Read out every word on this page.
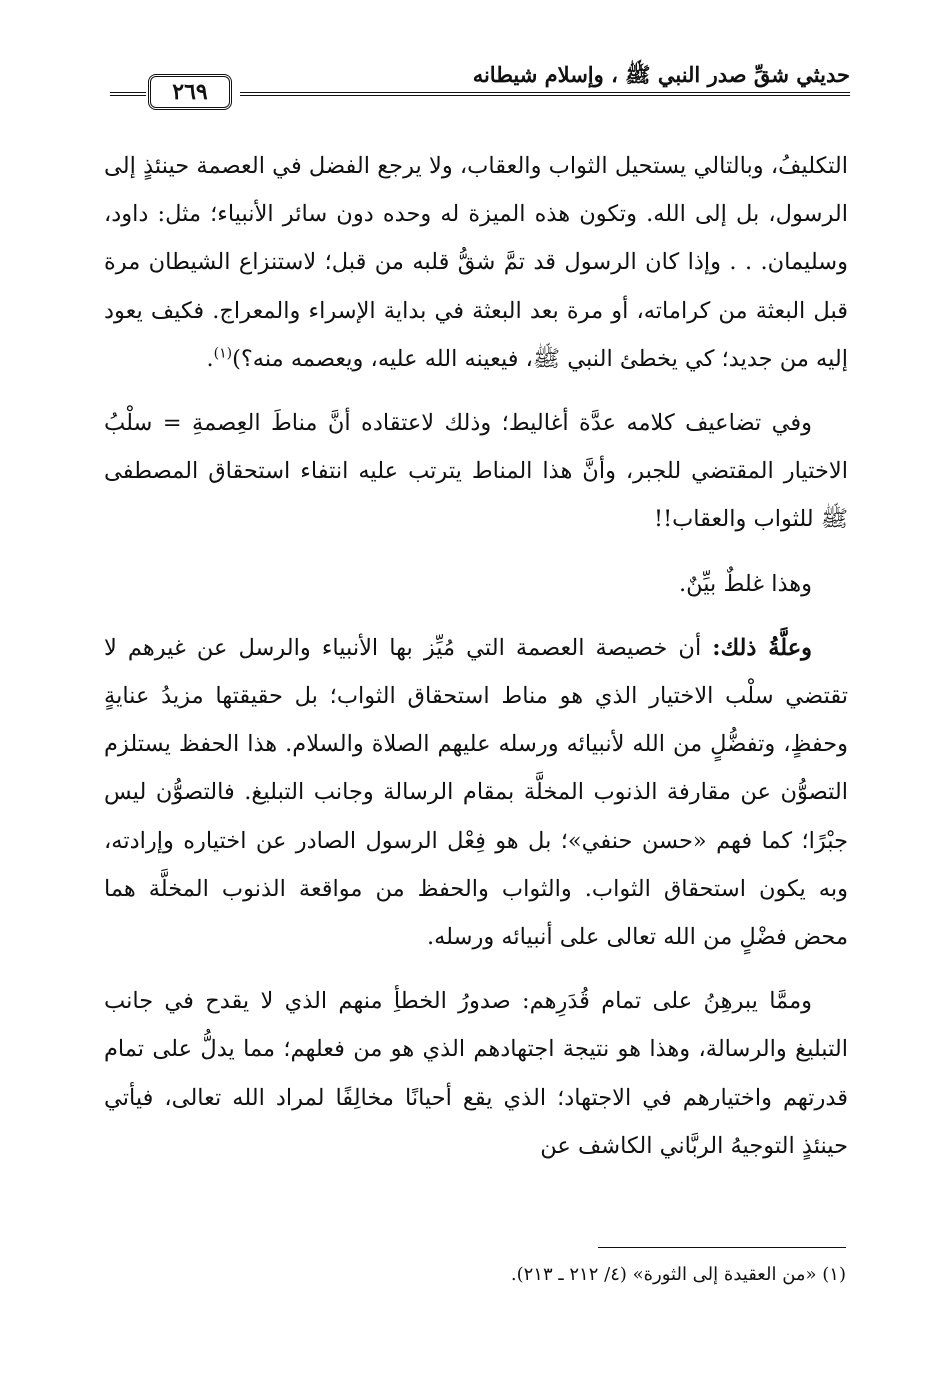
حديثي شقِّ صدر النبي ﷺ ، وإسلام شيطانه
٢٦٩

التكليفُ، وبالتالي يستحيل الثواب والعقاب، ولا يرجع الفضل في العصمة حينئذٍ إلى الرسول، بل إلى الله. وتكون هذه الميزة له وحده دون سائر الأنبياء؛ مثل: داود، وسليمان. . . وإذا كان الرسول قد تمَّ شقُّ قلبه من قبل؛ لاستنزاع الشيطان مرة قبل البعثة من كراماته، أو مرة بعد البعثة في بداية الإسراء والمعراج. فكيف يعود إليه من جديد؛ كي يخطئ النبي ﷺ، فيعينه الله عليه، ويعصمه منه؟)$^{(١)}$.

وفي تضاعيف كلامه عدَّة أغاليط؛ وذلك لاعتقاده أنَّ مناطَ العِصمةِ = سلْبُ الاختيار المقتضي للجبر، وأنَّ هذا المناط يترتب عليه انتفاء استحقاق المصطفى ﷺ للثواب والعقاب!!

وهذا غلطٌ بيِّنٌ.

وعلَّةُ ذلك: أن خصيصة العصمة التي مُيِّز بها الأنبياء والرسل عن غيرهم لا تقتضي سلْب الاختيار الذي هو مناط استحقاق الثواب؛ بل حقيقتها مزيدُ عنايةٍ وحفظٍ، وتفضُّلٍ من الله لأنبيائه ورسله عليهم الصلاة والسلام. هذا الحفظ يستلزم التصوُّن عن مقارفة الذنوب المخلَّة بمقام الرسالة وجانب التبليغ. فالتصوُّن ليس جبْرًا؛ كما فهم «حسن حنفي»؛ بل هو فِعْل الرسول الصادر عن اختياره وإرادته، وبه يكون استحقاق الثواب. والثواب والحفظ من مواقعة الذنوب المخلَّة هما محض فضْلٍ من الله تعالى على أنبيائه ورسله.

وممَّا يبرهِنُ على تمام قُدَرِهم: صدورُ الخطأِ منهم الذي لا يقدح في جانب التبليغ والرسالة، وهذا هو نتيجة اجتهادهم الذي هو من فعلهم؛ مما يدلُّ على تمام قدرتهم واختيارهم في الاجتهاد؛ الذي يقع أحيانًا مخالِفًا لمراد الله تعالى، فيأتي حينئذٍ التوجيهُ الربَّاني الكاشف عن

(١) «من العقيدة إلى الثورة» (٤/ ٢١٢ ـ ٢١٣).
